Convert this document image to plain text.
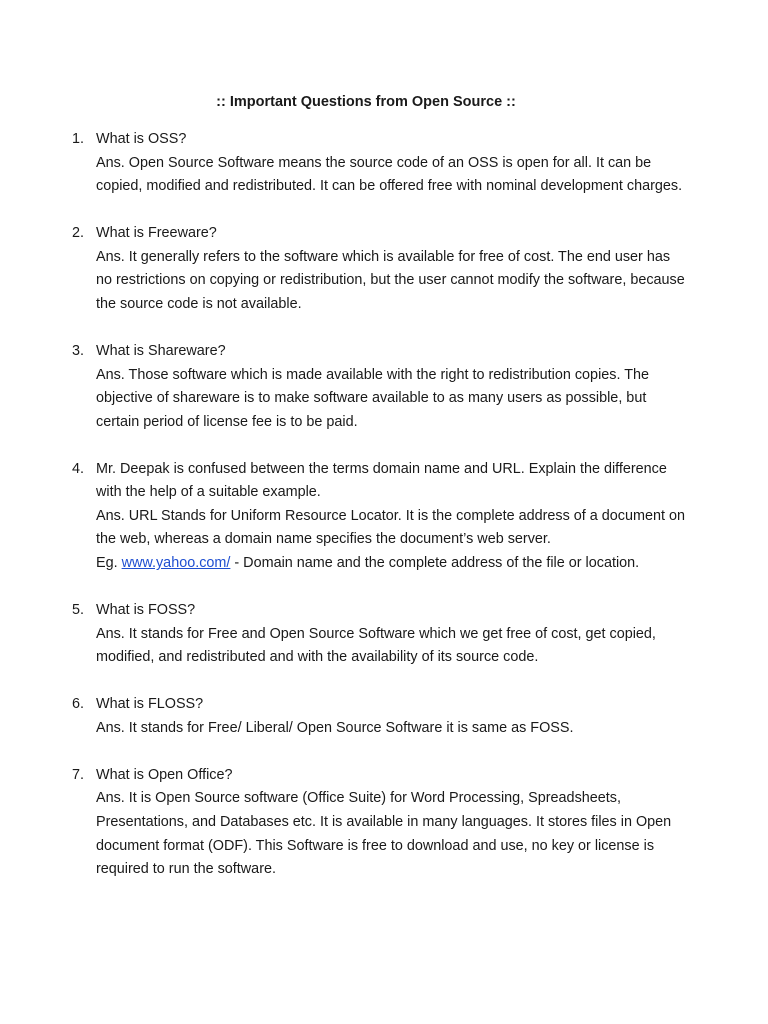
:: Important Questions from Open Source ::
1. What is OSS?
Ans. Open Source Software means the source code of an OSS is open for all. It can be copied, modified and redistributed. It can be offered free with nominal development charges.
2. What is Freeware?
Ans. It generally refers to the software which is available for free of cost. The end user has no restrictions on copying or redistribution, but the user cannot modify the software, because the source code is not available.
3. What is Shareware?
Ans. Those software which is made available with the right to redistribution copies. The objective of shareware is to make software available to as many users as possible, but certain period of license fee is to be paid.
4. Mr. Deepak is confused between the terms domain name and URL. Explain the difference with the help of a suitable example.
Ans. URL Stands for Uniform Resource Locator. It is the complete address of a document on the web, whereas a domain name specifies the document’s web server.
Eg. www.yahoo.com/ - Domain name and the complete address of the file or location.
5. What is FOSS?
Ans. It stands for Free and Open Source Software which we get free of cost, get copied, modified, and redistributed and with the availability of its source code.
6. What is FLOSS?
Ans. It stands for Free/ Liberal/ Open Source Software it is same as FOSS.
7. What is Open Office?
Ans. It is Open Source software (Office Suite) for Word Processing, Spreadsheets, Presentations, and Databases etc. It is available in many languages. It stores files in Open document format (ODF). This Software is free to download and use, no key or license is required to run the software.
